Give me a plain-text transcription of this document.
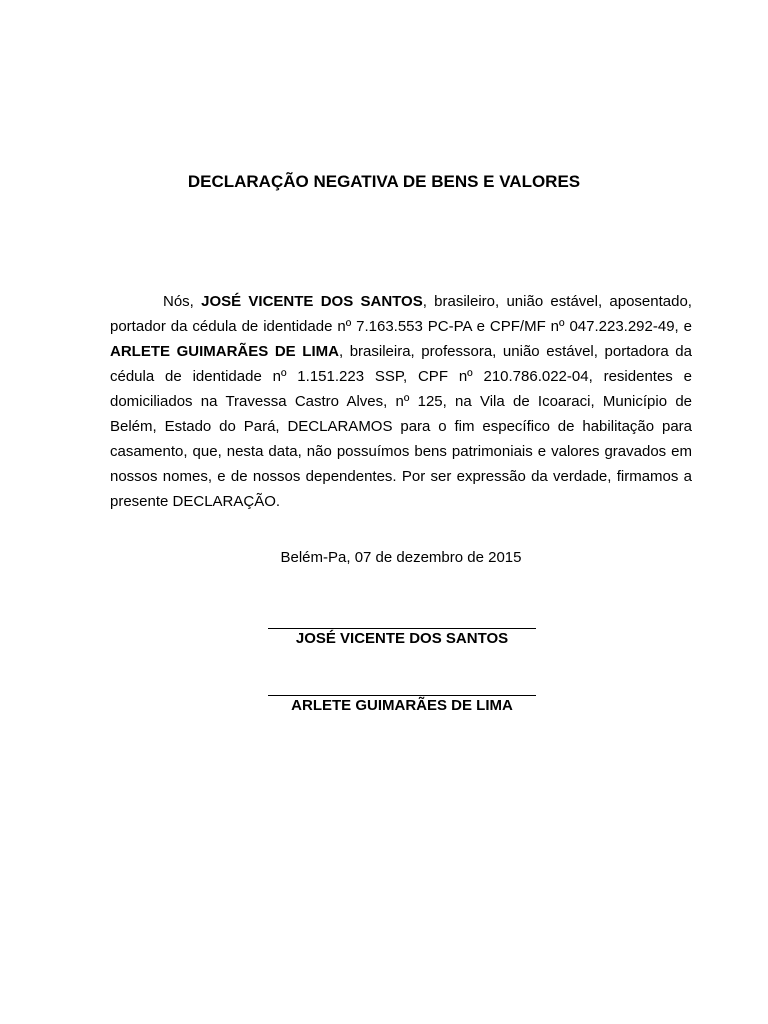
DECLARAÇÃO NEGATIVA DE BENS E VALORES

Nós, JOSÉ VICENTE DOS SANTOS, brasileiro, união estável, aposentado, portador da cédula de identidade nº 7.163.553 PC-PA e CPF/MF nº 047.223.292-49, e ARLETE GUIMARÃES DE LIMA, brasileira, professora, união estável, portadora da cédula de identidade nº 1.151.223 SSP, CPF nº 210.786.022-04, residentes e domiciliados na Travessa Castro Alves, nº 125, na Vila de Icoaraci, Município de Belém, Estado do Pará, DECLARAMOS para o fim específico de habilitação para casamento, que, nesta data, não possuímos bens patrimoniais e valores gravados em nossos nomes, e de nossos dependentes. Por ser expressão da verdade, firmamos a presente DECLARAÇÃO.

Belém-Pa, 07 de dezembro de 2015

JOSÉ VICENTE DOS SANTOS
ARLETE GUIMARÃES DE LIMA
